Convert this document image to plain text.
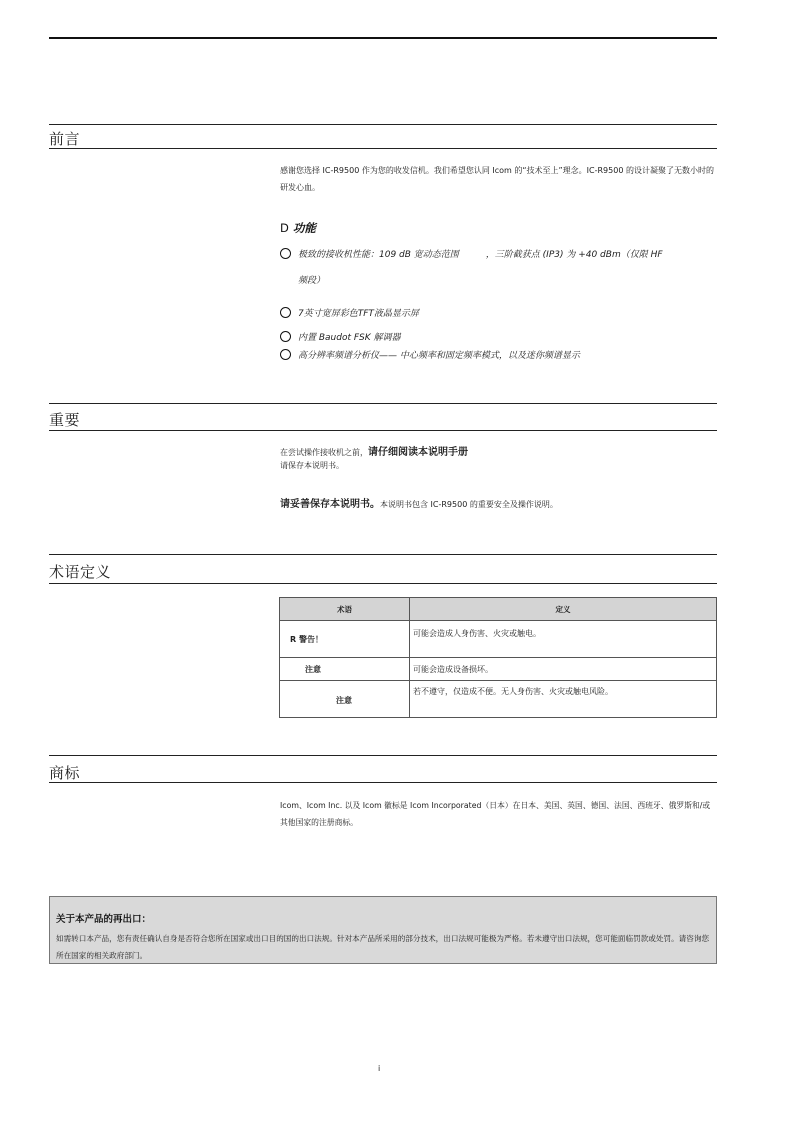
前言
感谢您选择 IC-R9500 作为您的收发信机。我们希望您认同 Icom 的“技术至上”理念。IC-R9500 的设计凝聚了无数小时的研发心血。
D 功能
极致的接收机性能：109 dB 宽动态范围　　　，三阶截获点 (IP3) 为 +40 dBm（仅限 HF
频段）
7英寸宽屏彩色TFT液晶显示屏
内置 Baudot FSK 解调器
高分辨率频谱分析仪—— 中心频率和固定频率模式，以及迷你频谱显示
重要
在尝试操作接收机之前，请仔细阅读本说明手册
请保存本说明书。
请妥善保存本说明书。本说明书包含 IC-R9500 的重要安全及操作说明。
术语定义
术语	定义
R 警告！	可能会造成人身伤害、火灾或触电。
注意	可能会造成设备损坏。
注意	若不遵守，仅造成不便。无人身伤害、火灾或触电风险。
商标
Icom、Icom Inc. 以及 Icom 徽标是 Icom Incorporated（日本）在日本、美国、英国、德国、法国、西班牙、俄罗斯和/或其他国家的注册商标。
关于本产品的再出口：
如需转口本产品，您有责任确认自身是否符合您所在国家或出口目的国的出口法规。针对本产品所采用的部分技术，出口法规可能极为严格。若未遵守出口法规，您可能面临罚款或处罚。请咨询您所在国家的相关政府部门。
i
